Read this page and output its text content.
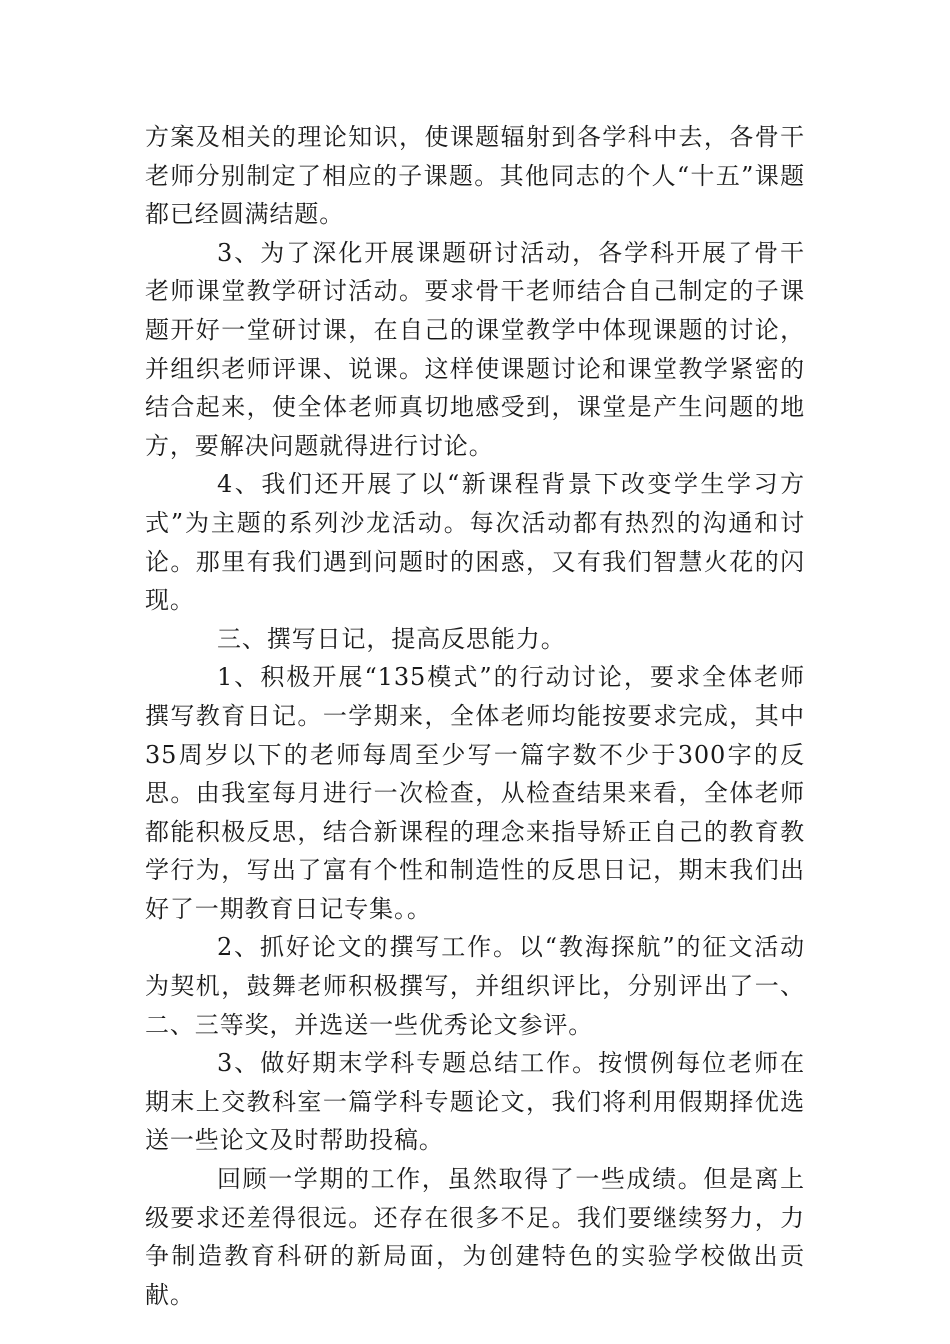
方案及相关的理论知识，使课题辐射到各学科中去，各骨干老师分别制定了相应的子课题。其他同志的个人“十五”课题都已经圆满结题。

3、为了深化开展课题研讨活动，各学科开展了骨干老师课堂教学研讨活动。要求骨干老师结合自己制定的子课题开好一堂研讨课，在自己的课堂教学中体现课题的讨论，并组织老师评课、说课。这样使课题讨论和课堂教学紧密的结合起来，使全体老师真切地感受到，课堂是产生问题的地方，要解决问题就得进行讨论。

4、我们还开展了以“新课程背景下改变学生学习方式”为主题的系列沙龙活动。每次活动都有热烈的沟通和讨论。那里有我们遇到问题时的困惑，又有我们智慧火花的闪现。

三、撰写日记，提高反思能力。

1、积极开展“135模式”的行动讨论，要求全体老师撰写教育日记。一学期来，全体老师均能按要求完成，其中35周岁以下的老师每周至少写一篇字数不少于300字的反思。由我室每月进行一次检查，从检查结果来看，全体老师都能积极反思，结合新课程的理念来指导矫正自己的教育教学行为，写出了富有个性和制造性的反思日记，期末我们出好了一期教育日记专集。。

2、抓好论文的撰写工作。以“教海探航”的征文活动为契机，鼓舞老师积极撰写，并组织评比，分别评出了一、二、三等奖，并选送一些优秀论文参评。

3、做好期末学科专题总结工作。按惯例每位老师在期末上交教科室一篇学科专题论文，我们将利用假期择优选送一些论文及时帮助投稿。

回顾一学期的工作，虽然取得了一些成绩。但是离上级要求还差得很远。还存在很多不足。我们要继续努力，力争制造教育科研的新局面，为创建特色的实验学校做出贡献。
